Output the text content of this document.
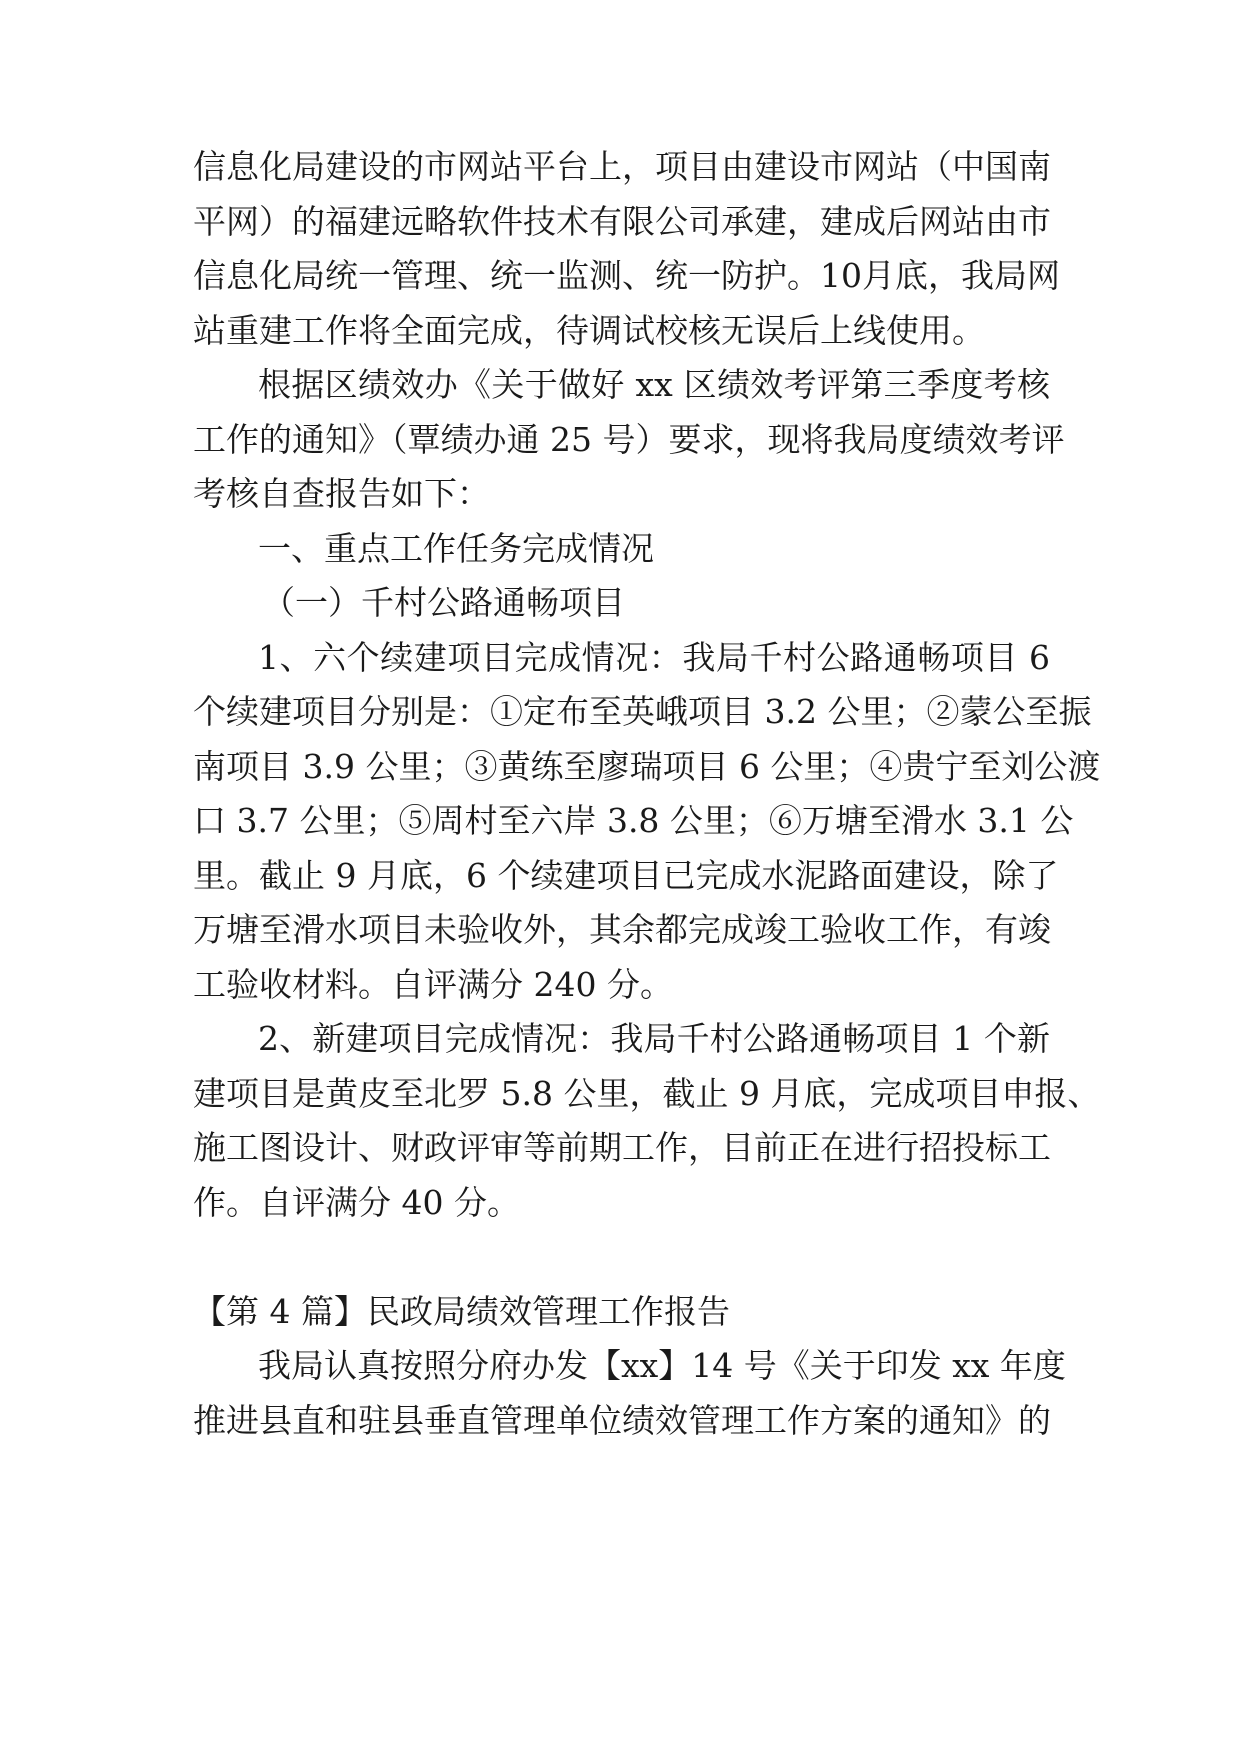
信息化局建设的市网站平台上，项目由建设市网站（中国南
平网）的福建远略软件技术有限公司承建，建成后网站由市
信息化局统一管理、统一监测、统一防护。10月底，我局网
站重建工作将全面完成，待调试校核无误后上线使用。
根据区绩效办《关于做好 xx 区绩效考评第三季度考核
工作的通知》（覃绩办通 25 号）要求，现将我局度绩效考评
考核自查报告如下：
一、重点工作任务完成情况
（一）千村公路通畅项目
1、六个续建项目完成情况：我局千村公路通畅项目 6
个续建项目分别是：①定布至英峨项目 3.2 公里；②蒙公至振
南项目 3.9 公里；③黄练至廖瑞项目 6 公里；④贵宁至刘公渡
口 3.7 公里；⑤周村至六岸 3.8 公里；⑥万塘至滑水 3.1 公
里。截止 9 月底，6 个续建项目已完成水泥路面建设，除了
万塘至滑水项目未验收外，其余都完成竣工验收工作，有竣
工验收材料。自评满分 240 分。
2、新建项目完成情况：我局千村公路通畅项目 1 个新
建项目是黄皮至北罗 5.8 公里，截止 9 月底，完成项目申报、
施工图设计、财政评审等前期工作，目前正在进行招投标工
作。自评满分 40 分。
【第 4 篇】民政局绩效管理工作报告
我局认真按照分府办发【xx】14 号《关于印发 xx 年度
推进县直和驻县垂直管理单位绩效管理工作方案的通知》的
